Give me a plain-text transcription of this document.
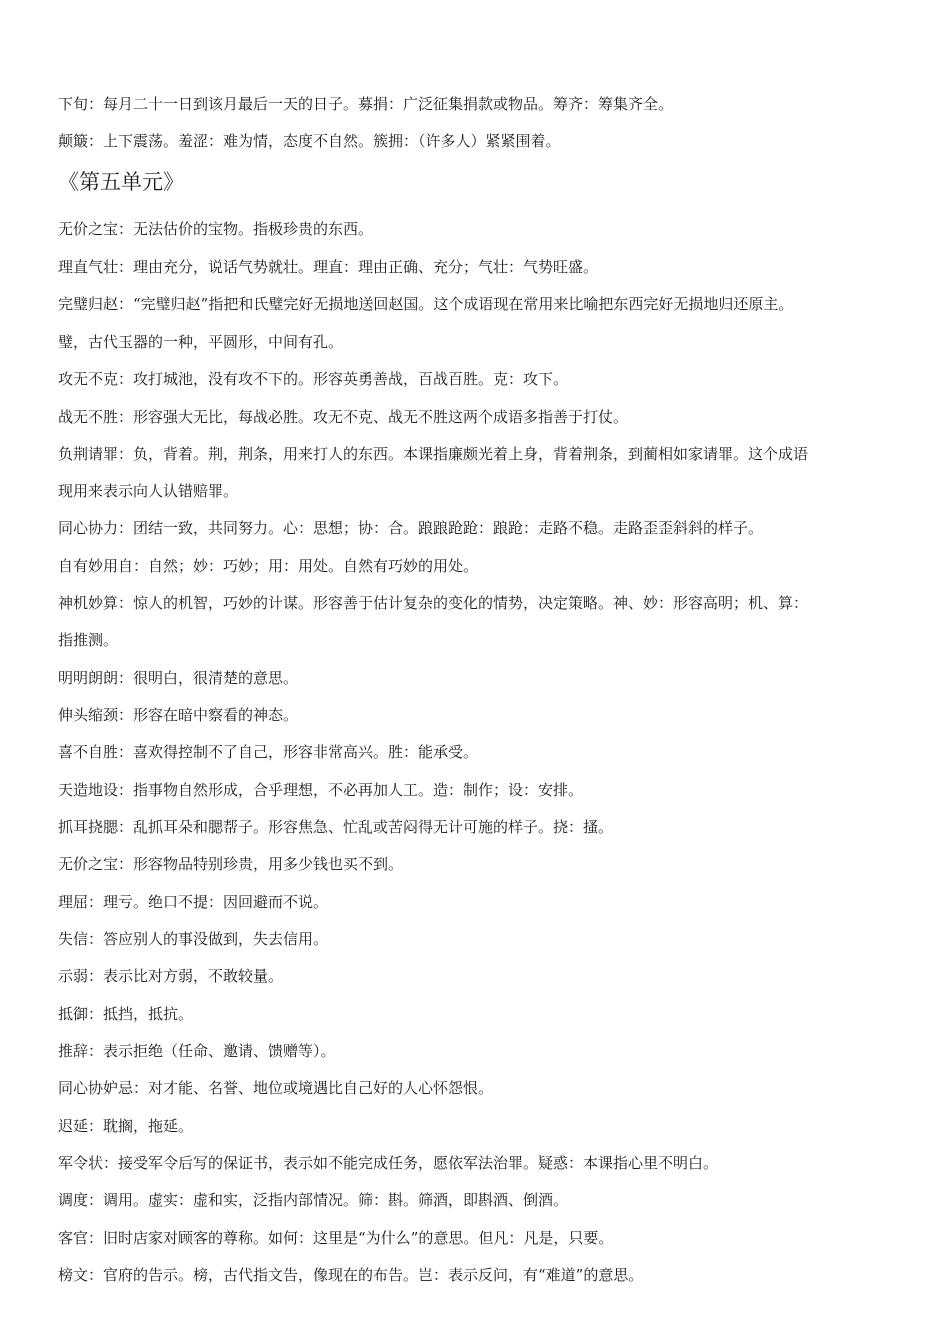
下旬：每月二十一日到该月最后一天的日子。募捐：广泛征集捐款或物品。筹齐：筹集齐全。
颠簸：上下震荡。羞涩：难为情，态度不自然。簇拥：（许多人）紧紧围着。
《第五单元》
无价之宝：无法估价的宝物。指极珍贵的东西。
理直气壮：理由充分，说话气势就壮。理直：理由正确、充分；气壮：气势旺盛。
完璧归赵：“完璧归赵”指把和氏璧完好无损地送回赵国。这个成语现在常用来比喻把东西完好无损地归还原主。
璧，古代玉器的一种，平圆形，中间有孔。
攻无不克：攻打城池，没有攻不下的。形容英勇善战，百战百胜。克：攻下。
战无不胜：形容强大无比，每战必胜。攻无不克、战无不胜这两个成语多指善于打仗。
负荆请罪：负，背着。荆，荆条，用来打人的东西。本课指廉颇光着上身，背着荆条，到蔺相如家请罪。这个成语
现用来表示向人认错赔罪。
同心协力：团结一致，共同努力。心：思想；协：合。踉踉跄跄：踉跄：走路不稳。走路歪歪斜斜的样子。
自有妙用自：自然；妙：巧妙；用：用处。自然有巧妙的用处。
神机妙算：惊人的机智，巧妙的计谋。形容善于估计复杂的变化的情势，决定策略。神、妙：形容高明；机、算：
指推测。
明明朗朗：很明白，很清楚的意思。
伸头缩颈：形容在暗中察看的神态。
喜不自胜：喜欢得控制不了自己，形容非常高兴。胜：能承受。
天造地设：指事物自然形成，合乎理想，不必再加人工。造：制作；设：安排。
抓耳挠腮：乱抓耳朵和腮帮子。形容焦急、忙乱或苦闷得无计可施的样子。挠：搔。
无价之宝：形容物品特别珍贵，用多少钱也买不到。
理屈：理亏。绝口不提：因回避而不说。
失信：答应别人的事没做到，失去信用。
示弱：表示比对方弱，不敢较量。
抵御：抵挡，抵抗。
推辞：表示拒绝（任命、邀请、馈赠等）。
同心协妒忌：对才能、名誉、地位或境遇比自己好的人心怀怨恨。
迟延：耽搁，拖延。
军令状：接受军令后写的保证书，表示如不能完成任务，愿依军法治罪。疑惑：本课指心里不明白。
调度：调用。虚实：虚和实，泛指内部情况。筛：斟。筛酒，即斟酒、倒酒。
客官：旧时店家对顾客的尊称。如何：这里是“为什么”的意思。但凡：凡是，只要。
榜文：官府的告示。榜，古代指文告，像现在的布告。岂：表示反问，有“难道”的意思。
